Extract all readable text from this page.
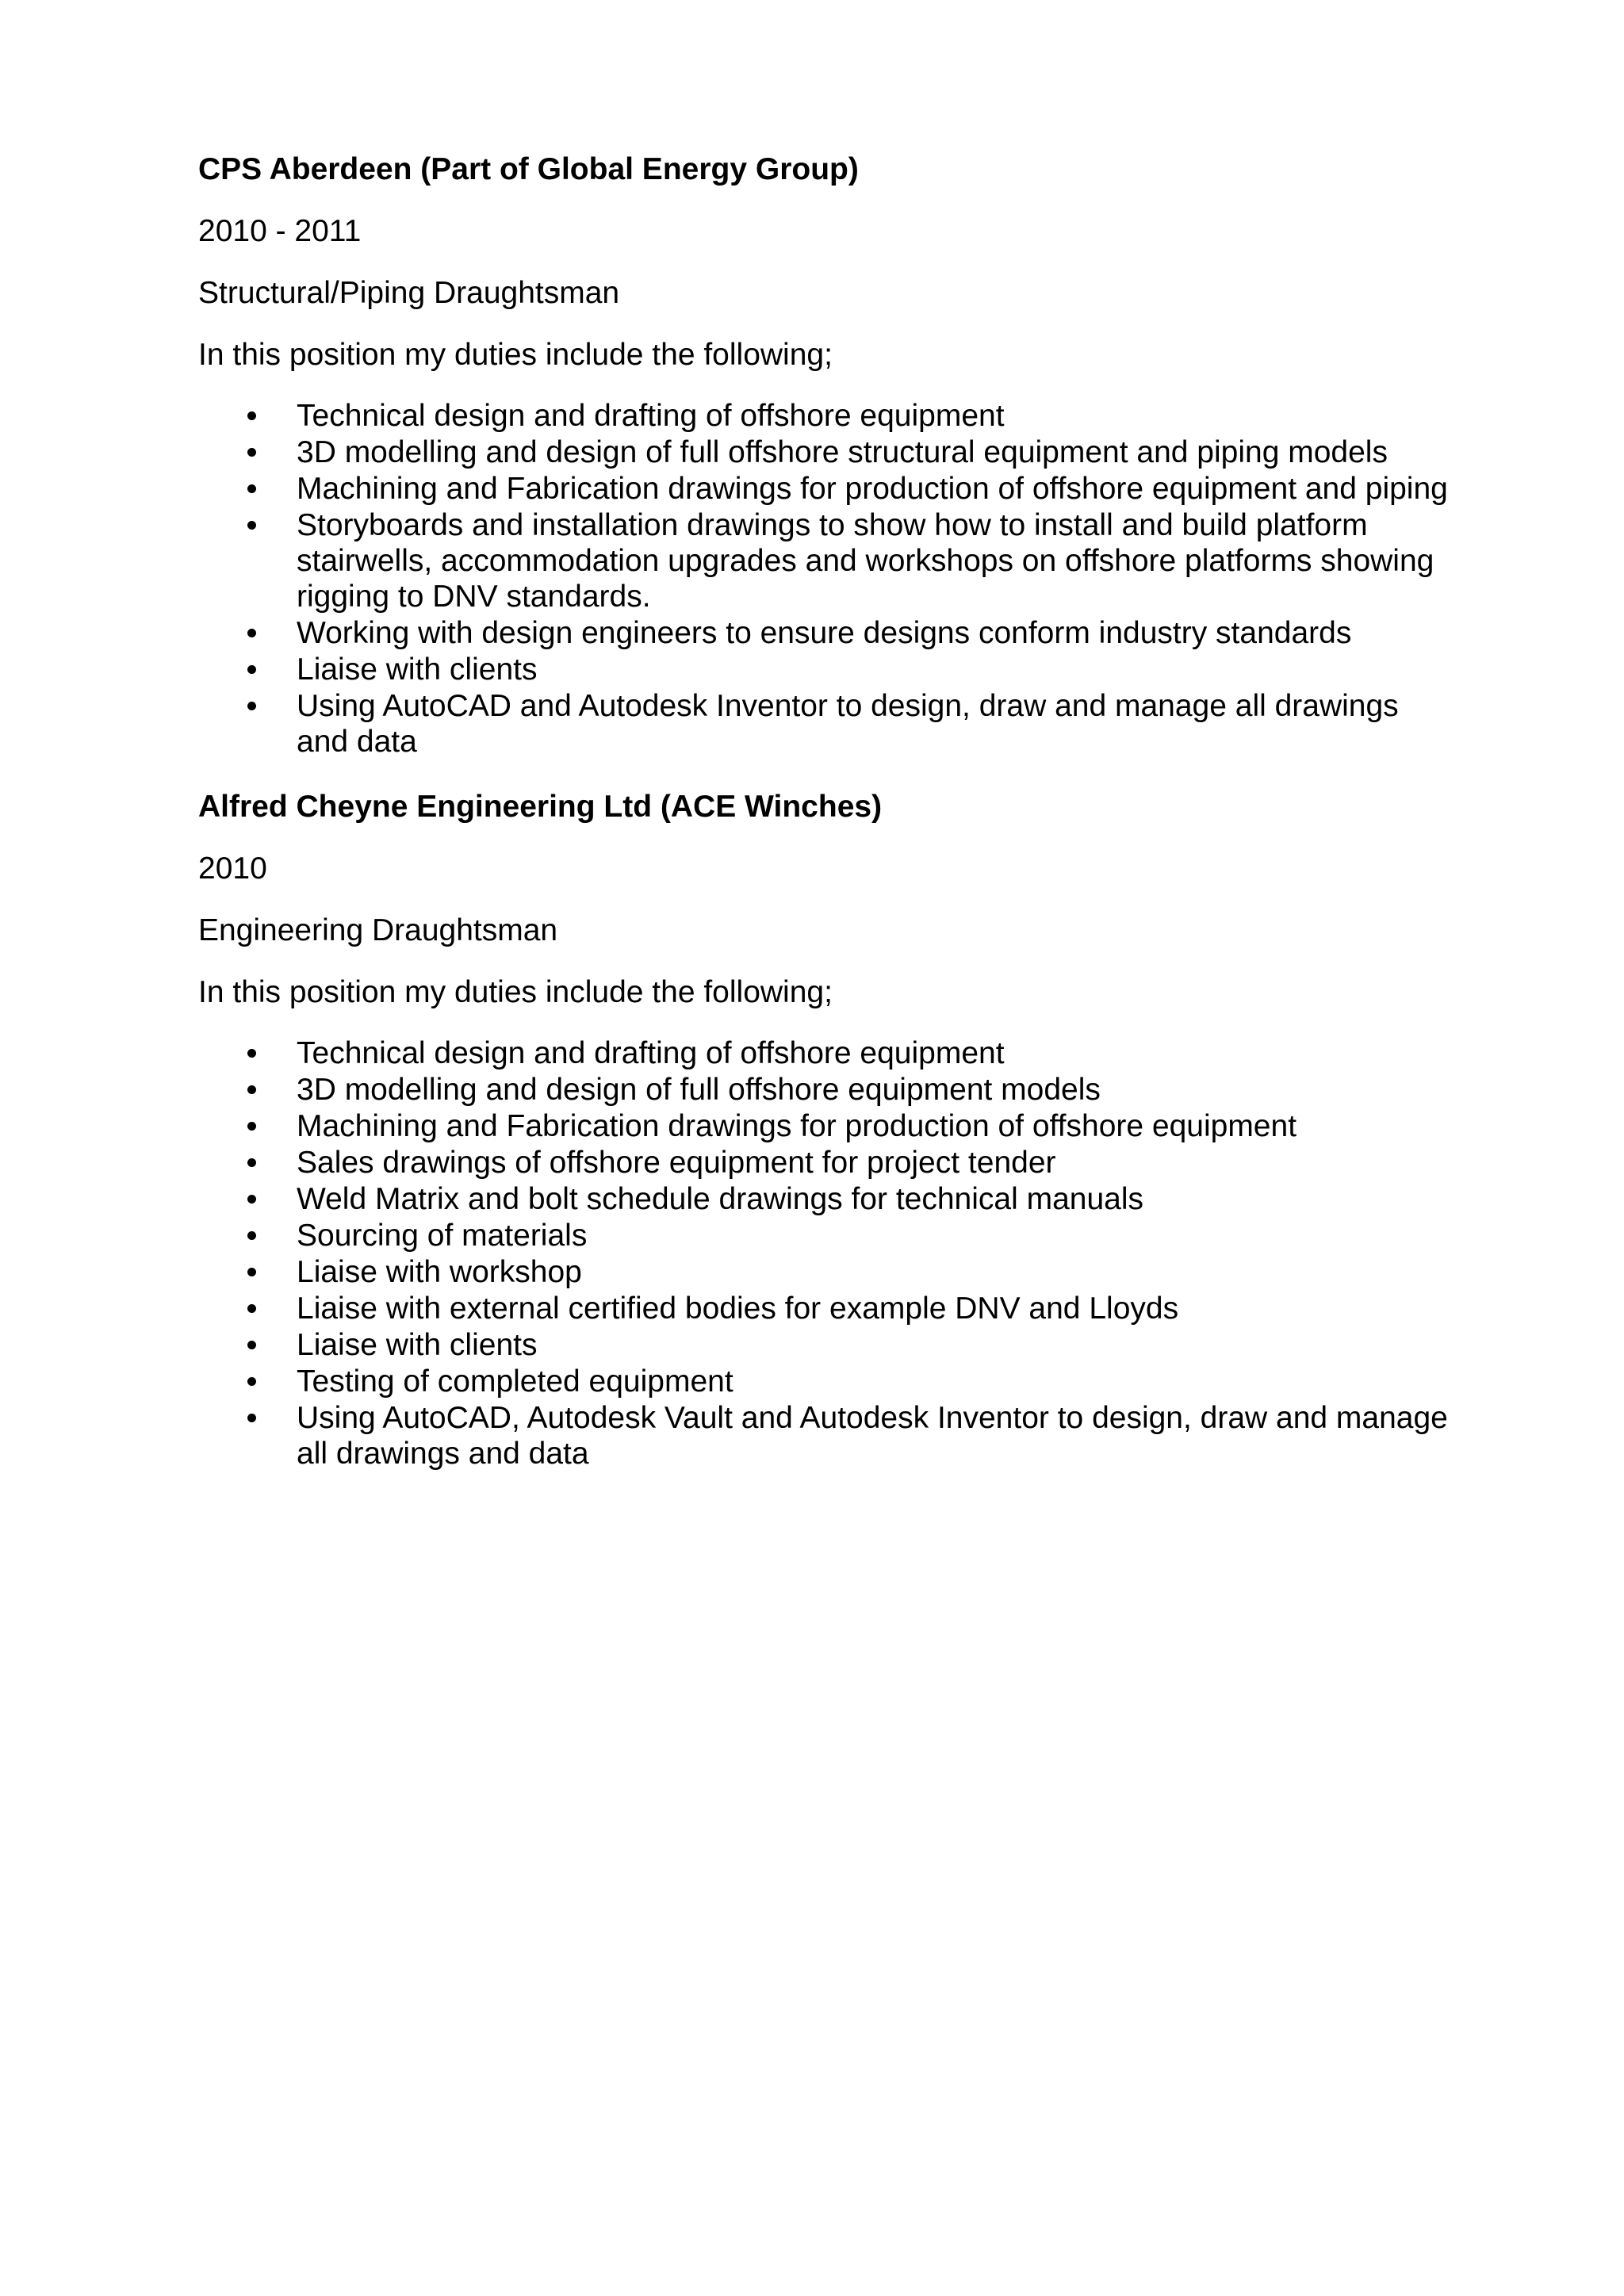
CPS Aberdeen (Part of Global Energy Group)
2010 - 2011
Structural/Piping Draughtsman
In this position my duties include the following;
Technical design and drafting of offshore equipment
3D modelling and design of full offshore structural equipment and piping models
Machining and Fabrication drawings for production of offshore equipment and piping
Storyboards and installation drawings to show how to install and build platform stairwells, accommodation upgrades and workshops on offshore platforms showing rigging to DNV standards.
Working with design engineers to ensure designs conform industry standards
Liaise with clients
Using AutoCAD and Autodesk Inventor to design, draw and manage all drawings and data
Alfred Cheyne Engineering Ltd (ACE Winches)
2010
Engineering Draughtsman
In this position my duties include the following;
Technical design and drafting of offshore equipment
3D modelling and design of full offshore equipment models
Machining and Fabrication drawings for production of offshore equipment
Sales drawings of offshore equipment for project tender
Weld Matrix and bolt schedule drawings for technical manuals
Sourcing of materials
Liaise with workshop
Liaise with external certified bodies for example DNV and Lloyds
Liaise with clients
Testing of completed equipment
Using AutoCAD, Autodesk Vault and Autodesk Inventor to design, draw and manage all drawings and data
